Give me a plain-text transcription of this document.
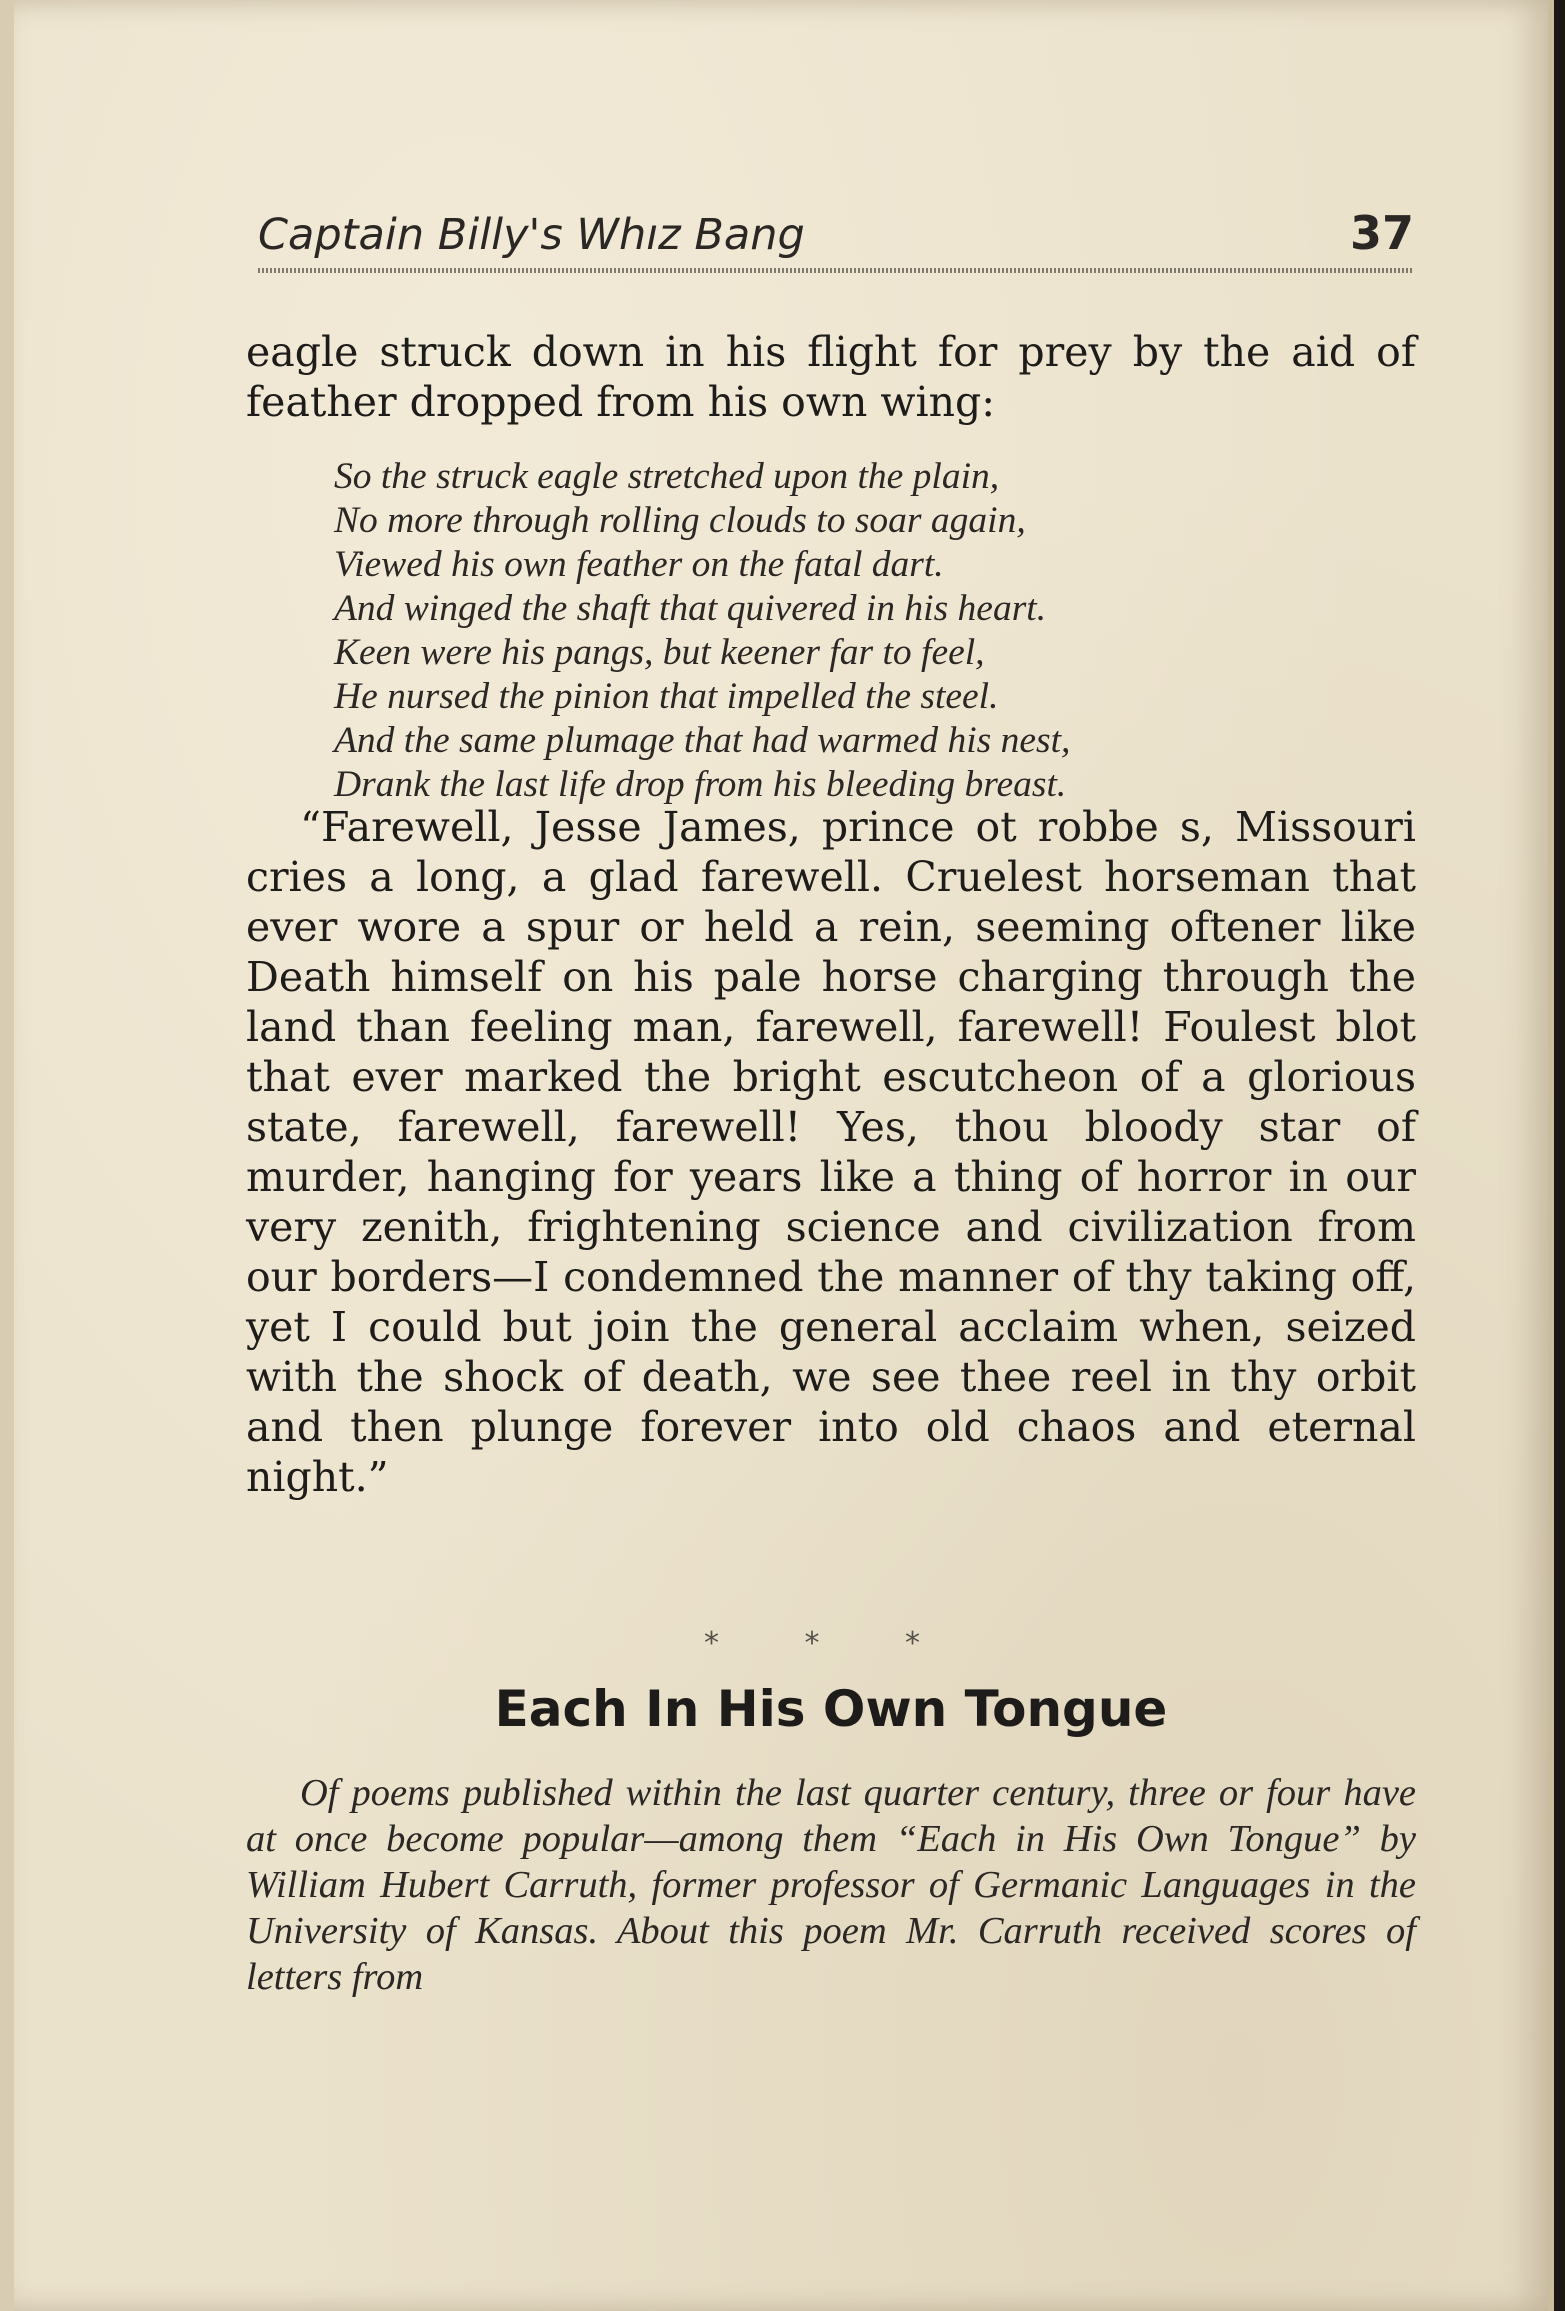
Captain Billy's Whız Bang	37

eagle struck down in his flight for prey by the aid of feather dropped from his own wing:

So the struck eagle stretched upon the plain,
No more through rolling clouds to soar again,
Viewed his own feather on the fatal dart.
And winged the shaft that quivered in his heart.
Keen were his pangs, but keener far to feel,
He nursed the pinion that impelled the steel.
And the same plumage that had warmed his nest,
Drank the last life drop from his bleeding breast.

“Farewell, Jesse James, prince ot robbe s, Missouri cries a long, a glad farewell. Cruelest horseman that ever wore a spur or held a rein, seeming oftener like Death himself on his pale horse charging through the land than feeling man, farewell, farewell! Foulest blot that ever marked the bright escutcheon of a glorious state, farewell, farewell! Yes, thou bloody star of murder, hanging for years like a thing of horror in our very zenith, frightening science and civilization from our borders—I condemned the manner of thy taking off, yet I could but join the general acclaim when, seized with the shock of death, we see thee reel in thy orbit and then plunge forever into old chaos and eternal night.”

* * *
Each In His Own Tongue

Of poems published within the last quarter century, three or four have at once become popular—among them “Each in His Own Tongue” by William Hubert Carruth, former professor of Germanic Languages in the University of Kansas. About this poem Mr. Carruth received scores of letters from
